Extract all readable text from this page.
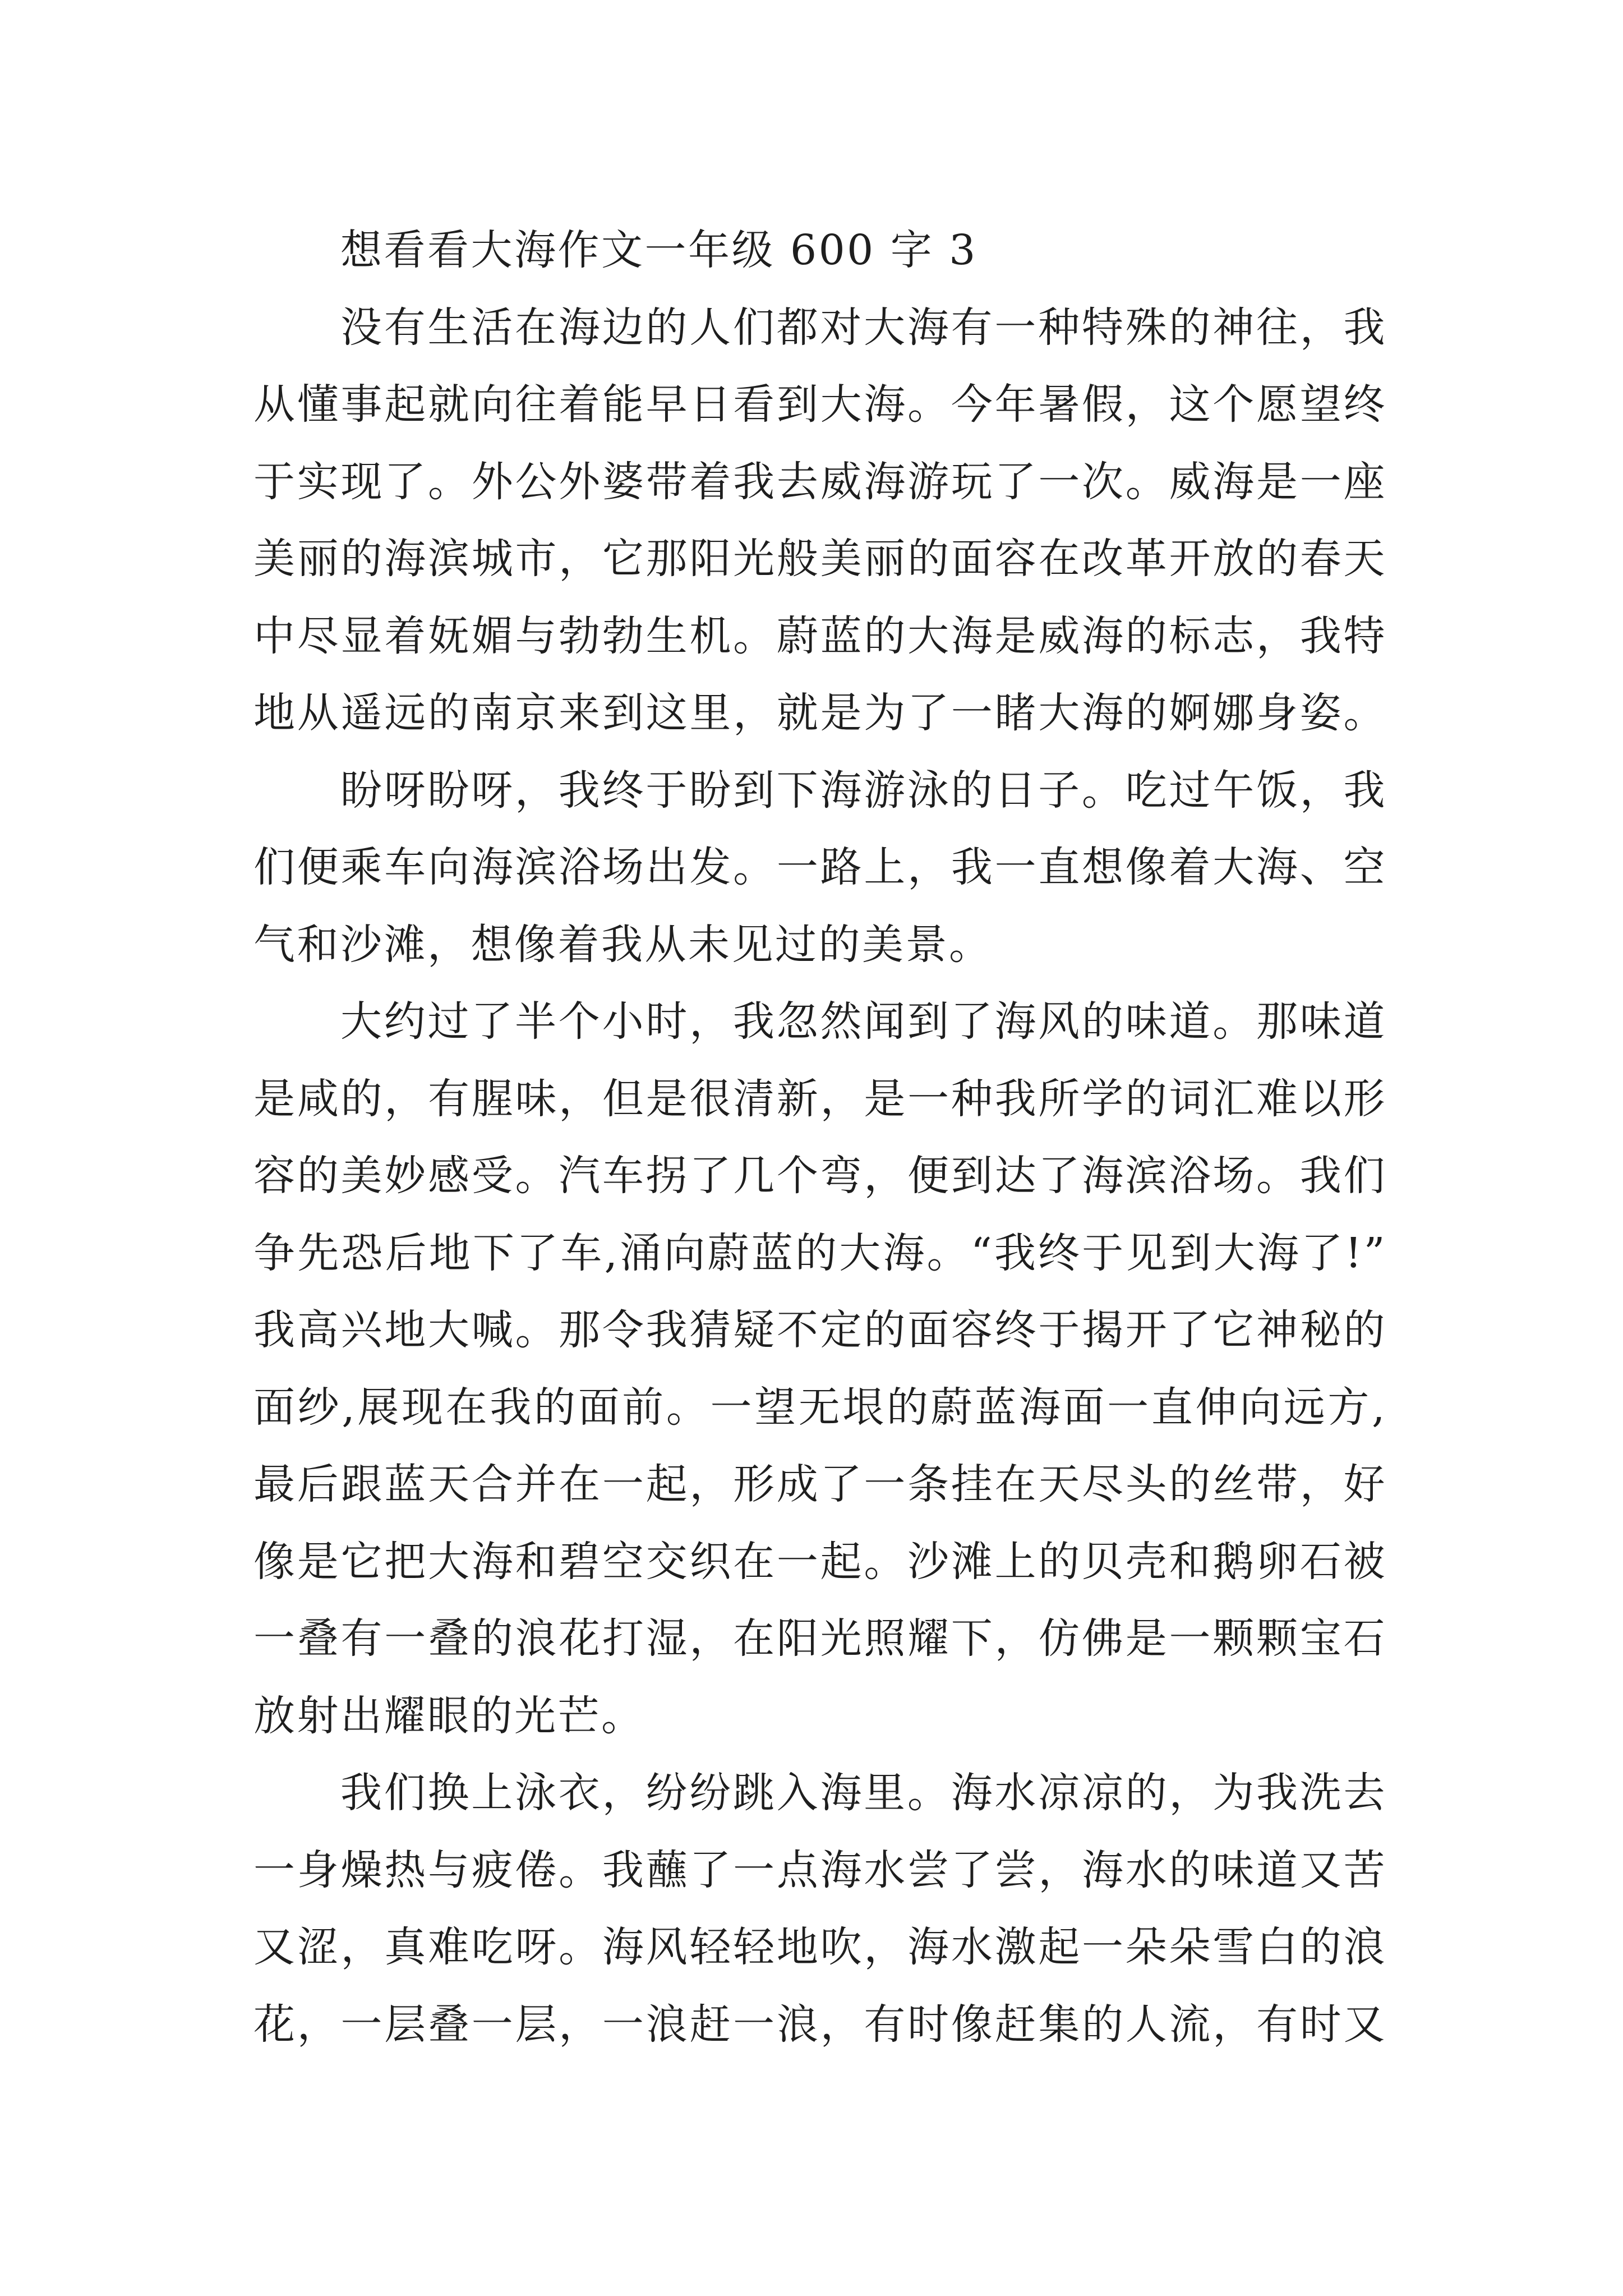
想看看大海作文一年级 600 字 3
没有生活在海边的人们都对大海有一种特殊的神往，我
从懂事起就向往着能早日看到大海。今年暑假，这个愿望终
于实现了。外公外婆带着我去威海游玩了一次。威海是一座
美丽的海滨城市，它那阳光般美丽的面容在改革开放的春天
中尽显着妩媚与勃勃生机。蔚蓝的大海是威海的标志，我特
地从遥远的南京来到这里，就是为了一睹大海的婀娜身姿。
盼呀盼呀，我终于盼到下海游泳的日子。吃过午饭，我
们便乘车向海滨浴场出发。一路上，我一直想像着大海、空
气和沙滩，想像着我从未见过的美景。
大约过了半个小时，我忽然闻到了海风的味道。那味道
是咸的，有腥味，但是很清新，是一种我所学的词汇难以形
容的美妙感受。汽车拐了几个弯，便到达了海滨浴场。我们
争先恐后地下了车,涌向蔚蓝的大海。“我终于见到大海了!”
我高兴地大喊。那令我猜疑不定的面容终于揭开了它神秘的
面纱,展现在我的面前。一望无垠的蔚蓝海面一直伸向远方,
最后跟蓝天合并在一起，形成了一条挂在天尽头的丝带，好
像是它把大海和碧空交织在一起。沙滩上的贝壳和鹅卵石被
一叠有一叠的浪花打湿，在阳光照耀下，仿佛是一颗颗宝石
放射出耀眼的光芒。
我们换上泳衣，纷纷跳入海里。海水凉凉的，为我洗去
一身燥热与疲倦。我蘸了一点海水尝了尝，海水的味道又苦
又涩，真难吃呀。海风轻轻地吹，海水激起一朵朵雪白的浪
花，一层叠一层，一浪赶一浪，有时像赶集的人流，有时又
